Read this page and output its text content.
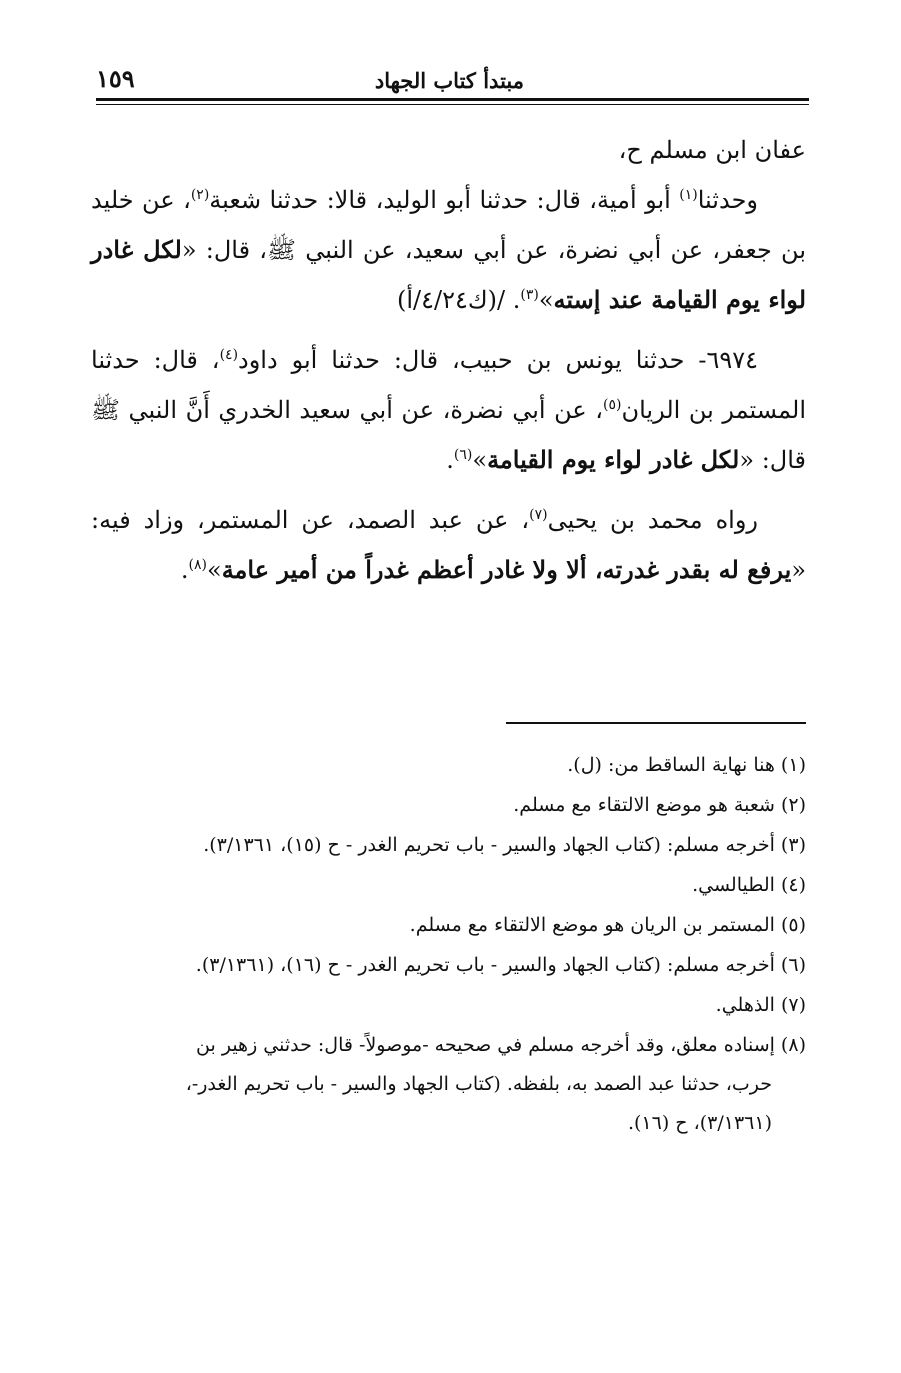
مبتدأ كتاب الجهاد
١٥٩

عفان ابن مسلم ح،

وحدثنا$^{(١)}$ أبو أمية، قال: حدثنا أبو الوليد، قالا: حدثنا شعبة$^{(٢)}$، عن خليد بن جعفر، عن أبي نضرة، عن أبي سعيد، عن النبي ﷺ، قال: «لكل غادر لواء يوم القيامة عند إسته»$^{(٣)}$. /(ك٤/٢٤/أ)

٦٩٧٤- حدثنا يونس بن حبيب، قال: حدثنا أبو داود$^{(٤)}$، قال: حدثنا المستمر بن الريان$^{(٥)}$، عن أبي نضرة، عن أبي سعيد الخدري أَنَّ النبي ﷺ قال: «لكل غادر لواء يوم القيامة»$^{(٦)}$.

رواه محمد بن يحيى$^{(٧)}$، عن عبد الصمد، عن المستمر، وزاد فيه: «يرفع له بقدر غدرته، ألا ولا غادر أعظم غدراً من أمير عامة»$^{(٨)}$.

(١) هنا نهاية الساقط من: (ل).
(٢) شعبة هو موضع الالتقاء مع مسلم.
(٣) أخرجه مسلم: (كتاب الجهاد والسير - باب تحريم الغدر - ح (١٥)، ٣/١٣٦١).
(٤) الطيالسي.
(٥) المستمر بن الريان هو موضع الالتقاء مع مسلم.
(٦) أخرجه مسلم: (كتاب الجهاد والسير - باب تحريم الغدر - ح (١٦)، (٣/١٣٦١).
(٧) الذهلي.
(٨) إسناده معلق، وقد أخرجه مسلم في صحيحه -موصولاً- قال: حدثني زهير بن
حرب، حدثنا عبد الصمد به، بلفظه. (كتاب الجهاد والسير - باب تحريم الغدر-،
(٣/١٣٦١)، ح (١٦).
